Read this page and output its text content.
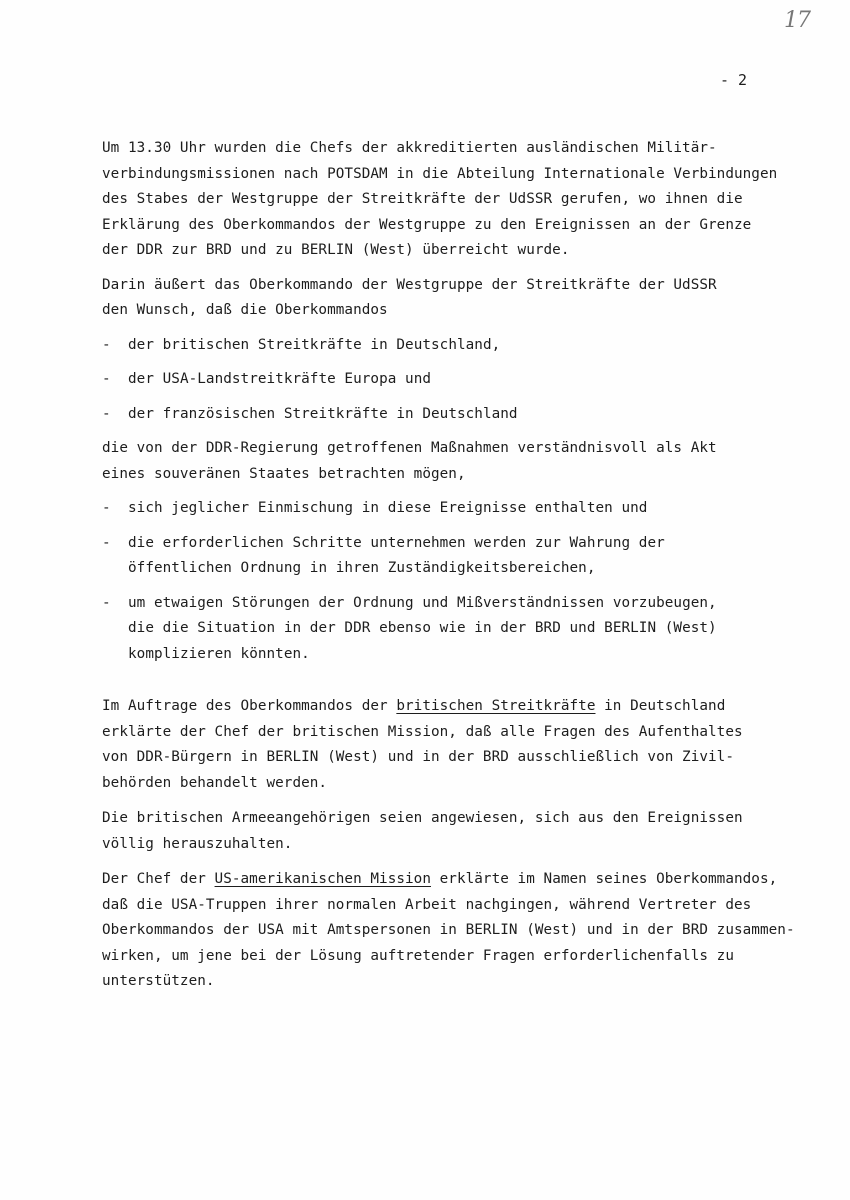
17
- 2
Um 13.30 Uhr wurden die Chefs der akkreditierten ausländischen Militär-
verbindungsmissionen nach POTSDAM in die Abteilung Internationale Verbindungen
des Stabes der Westgruppe der Streitkräfte der UdSSR gerufen, wo ihnen die
Erklärung des Oberkommandos der Westgruppe zu den Ereignissen an der Grenze
der DDR zur BRD und zu BERLIN (West) überreicht wurde.
Darin äußert das Oberkommando der Westgruppe der Streitkräfte der UdSSR
den Wunsch, daß die Oberkommandos
- der britischen Streitkräfte in Deutschland,
- der USA-Landstreitkräfte Europa und
- der französischen Streitkräfte in Deutschland
die von der DDR-Regierung getroffenen Maßnahmen verständnisvoll als Akt
eines souveränen Staates betrachten mögen,
- sich jeglicher Einmischung in diese Ereignisse enthalten und
- die erforderlichen Schritte unternehmen werden zur Wahrung der
öffentlichen Ordnung in ihren Zuständigkeitsbereichen,
- um etwaigen Störungen der Ordnung und Mißverständnissen vorzubeugen,
die die Situation in der DDR ebenso wie in der BRD und BERLIN (West)
komplizieren könnten.
Im Auftrage des Oberkommandos der britischen Streitkräfte in Deutschland
erklärte der Chef der britischen Mission, daß alle Fragen des Aufenthaltes
von DDR-Bürgern in BERLIN (West) und in der BRD ausschließlich von Zivil-
behörden behandelt werden.
Die britischen Armeeangehörigen seien angewiesen, sich aus den Ereignissen
völlig herauszuhalten.
Der Chef der US-amerikanischen Mission erklärte im Namen seines Oberkommandos,
daß die USA-Truppen ihrer normalen Arbeit nachgingen, während Vertreter des
Oberkommandos der USA mit Amtspersonen in BERLIN (West) und in der BRD zusammen-
wirken, um jene bei der Lösung auftretender Fragen erforderlichenfalls zu
unterstützen.
